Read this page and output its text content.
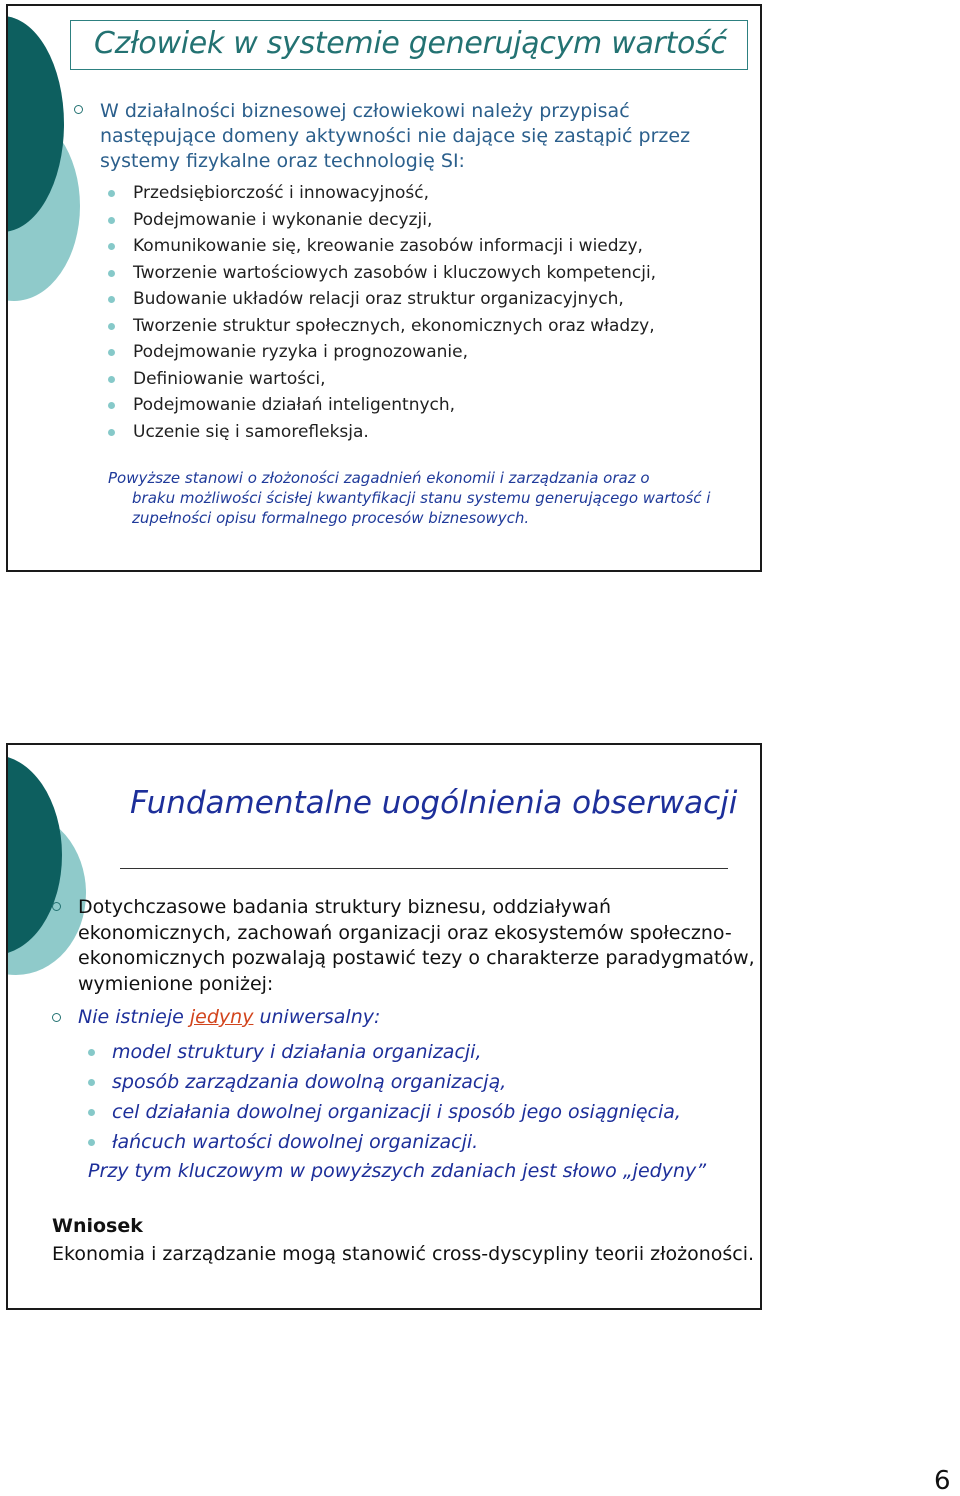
Człowiek w systemie generującym wartość
W działalności biznesowej człowiekowi należy przypisać następujące domeny aktywności nie dające się zastąpić przez systemy fizykalne oraz technologię SI:
Przedsiębiorczość i innowacyjność,
Podejmowanie i wykonanie decyzji,
Komunikowanie się, kreowanie zasobów informacji i wiedzy,
Tworzenie wartościowych zasobów i kluczowych kompetencji,
Budowanie układów relacji oraz struktur organizacyjnych,
Tworzenie struktur społecznych, ekonomicznych oraz władzy,
Podejmowanie ryzyka i prognozowanie,
Definiowanie wartości,
Podejmowanie działań inteligentnych,
Uczenie się i samorefleksja.
Powyższe stanowi o złożoności zagadnień ekonomii i zarządzania oraz o
braku możliwości ścisłej kwantyfikacji stanu systemu generującego wartość i zupełności opisu formalnego procesów biznesowych.
Fundamentalne uogólnienia obserwacji
Dotychczasowe badania struktury biznesu, oddziaływań ekonomicznych, zachowań organizacji oraz ekosystemów społeczno-ekonomicznych pozwalają postawić tezy o charakterze paradygmatów, wymienione poniżej:
Nie istnieje jedyny uniwersalny:
model struktury i działania organizacji,
sposób zarządzania dowolną organizacją,
cel działania dowolnej organizacji i sposób jego osiągnięcia,
łańcuch wartości dowolnej organizacji.
Przy tym kluczowym w powyższych zdaniach jest słowo „jedyny”
Wniosek
Ekonomia i zarządzanie mogą stanowić cross-dyscypliny teorii złożoności.
6
